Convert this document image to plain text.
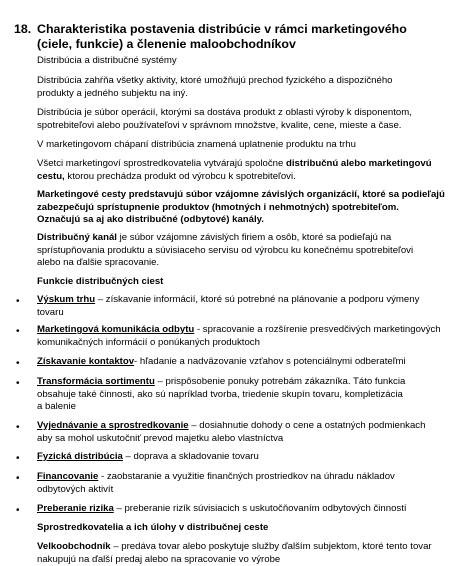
18. Charakteristika postavenia distribúcie v rámci marketingového
(ciele, funkcie) a členenie maloobchodníkov
Distribúcia a distribučné systémy
Distribúcia zahŕňa všetky aktivity, ktoré umožňujú prechod fyzického a dispozičného
produkty a jedného subjektu na iný.
Distribúcia je súbor operácií, ktorými sa dostáva produkt z oblasti výroby k disponentom,
spotrebiteľovi alebo používateľovi v správnom množstve, kvalite, cene, mieste a čase.
V marketingovom chápaní distribúcia znamená uplatnenie produktu na trhu
Všetci marketingoví sprostredkovatelia vytvárajú spoločne distribučnú alebo marketingovú
cestu, ktorou prechádza produkt od výrobcu k spotrebiteľovi.
Marketingové cesty predstavujú súbor vzájomne závislých organizácií, ktoré sa podieľajú
zabezpečujú sprístupnenie produktov (hmotných i nehmotných) spotrebiteľom.
Označujú sa aj ako distribučné (odbytové) kanály.
Distribučný kanál je súbor vzájomne závislých firiem a osôb, ktoré sa podieľajú na
sprístupňovania produktu a súvisiaceho servisu od výrobcu ku konečnému spotrebiteľovi
alebo na ďalšie spracovanie.
Funkcie distribučných ciest
• Výskum trhu – získavanie informácií, ktoré sú potrebné na plánovanie a podporu výmeny
tovaru
• Marketingová komunikácia odbytu - spracovanie a rozšírenie presvedčivých marketingových
komunikačných informácií o ponúkaných produktoch
• Získavanie kontaktov- hľadanie a nadväzovanie vzťahov s potenciálnymi odberateľmi
• Transformácia sortimentu – prispôsobenie ponuky potrebám zákazníka. Táto funkcia
obsahuje také činnosti, ako sú napríklad tvorba, triedenie skupín tovaru, kompletizácia
a balenie
• Vyjednávanie a sprostredkovanie – dosiahnutie dohody o cene a ostatných podmienkach
aby sa mohol uskutočniť prevod majetku alebo vlastníctva
• Fyzická distribúcia – doprava a skladovanie tovaru
• Financovanie - zaobstaranie a využitie finančných prostriedkov na úhradu nákladov
odbytových aktivít
• Preberanie rizika – preberanie rizík súvisiacich s uskutočňovaním odbytových činností
Sprostredkovatelia a ich úlohy v distribučnej ceste
Velkoobchodník – predáva tovar alebo poskytuje služby ďalším subjektom, ktoré tento tovar
nakupujú na ďalší predaj alebo na spracovanie vo výrobe
